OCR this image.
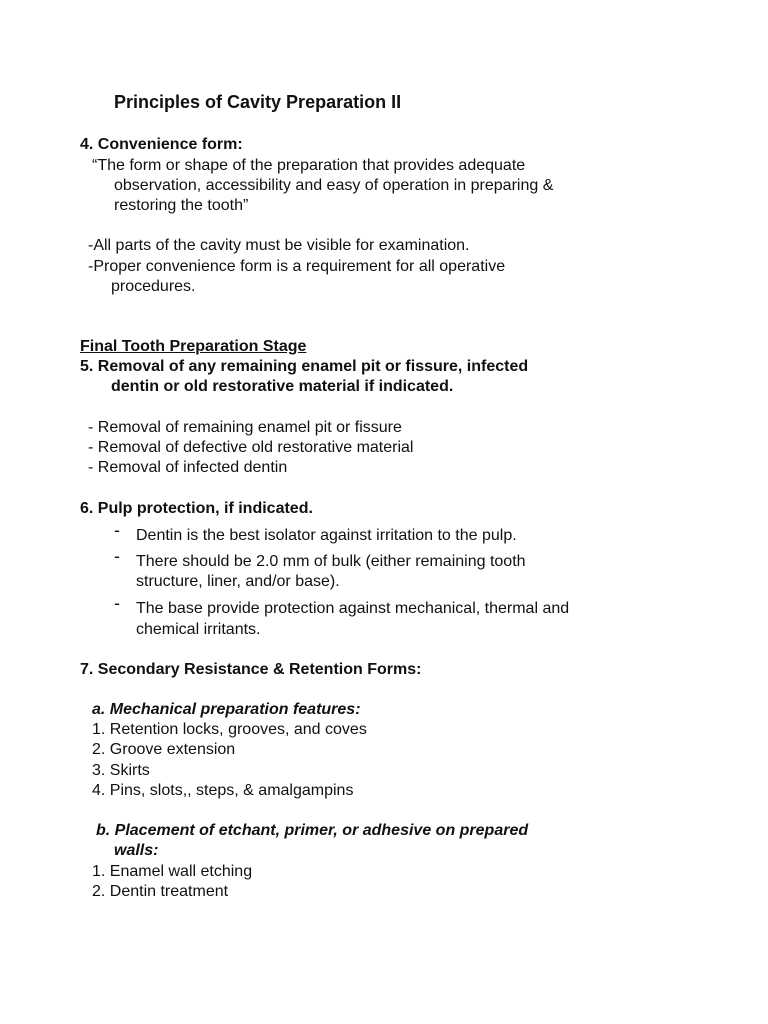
Principles of Cavity Preparation II
4. Convenience form:
“The form or shape of the preparation that provides adequate
observation, accessibility and easy of operation in preparing &
restoring the tooth”
-All parts of the cavity must be visible for examination.
-Proper convenience form is a requirement for all operative
procedures.
Final Tooth Preparation Stage
5. Removal of any remaining enamel pit or fissure, infected
dentin or old restorative material if indicated.
- Removal of remaining enamel pit or fissure
- Removal of defective old restorative material
- Removal of infected dentin
6. Pulp protection, if indicated.
- Dentin is the best isolator against irritation to the pulp.
- There should be 2.0 mm of bulk (either remaining tooth
structure, liner, and/or base).
- The base provide protection against mechanical, thermal and
chemical irritants.
7. Secondary Resistance & Retention Forms:
a. Mechanical preparation features:
1. Retention locks, grooves, and coves
2. Groove extension
3. Skirts
4. Pins, slots,, steps, & amalgampins
b. Placement of etchant, primer, or adhesive on prepared
walls:
1. Enamel wall etching
2. Dentin treatment
